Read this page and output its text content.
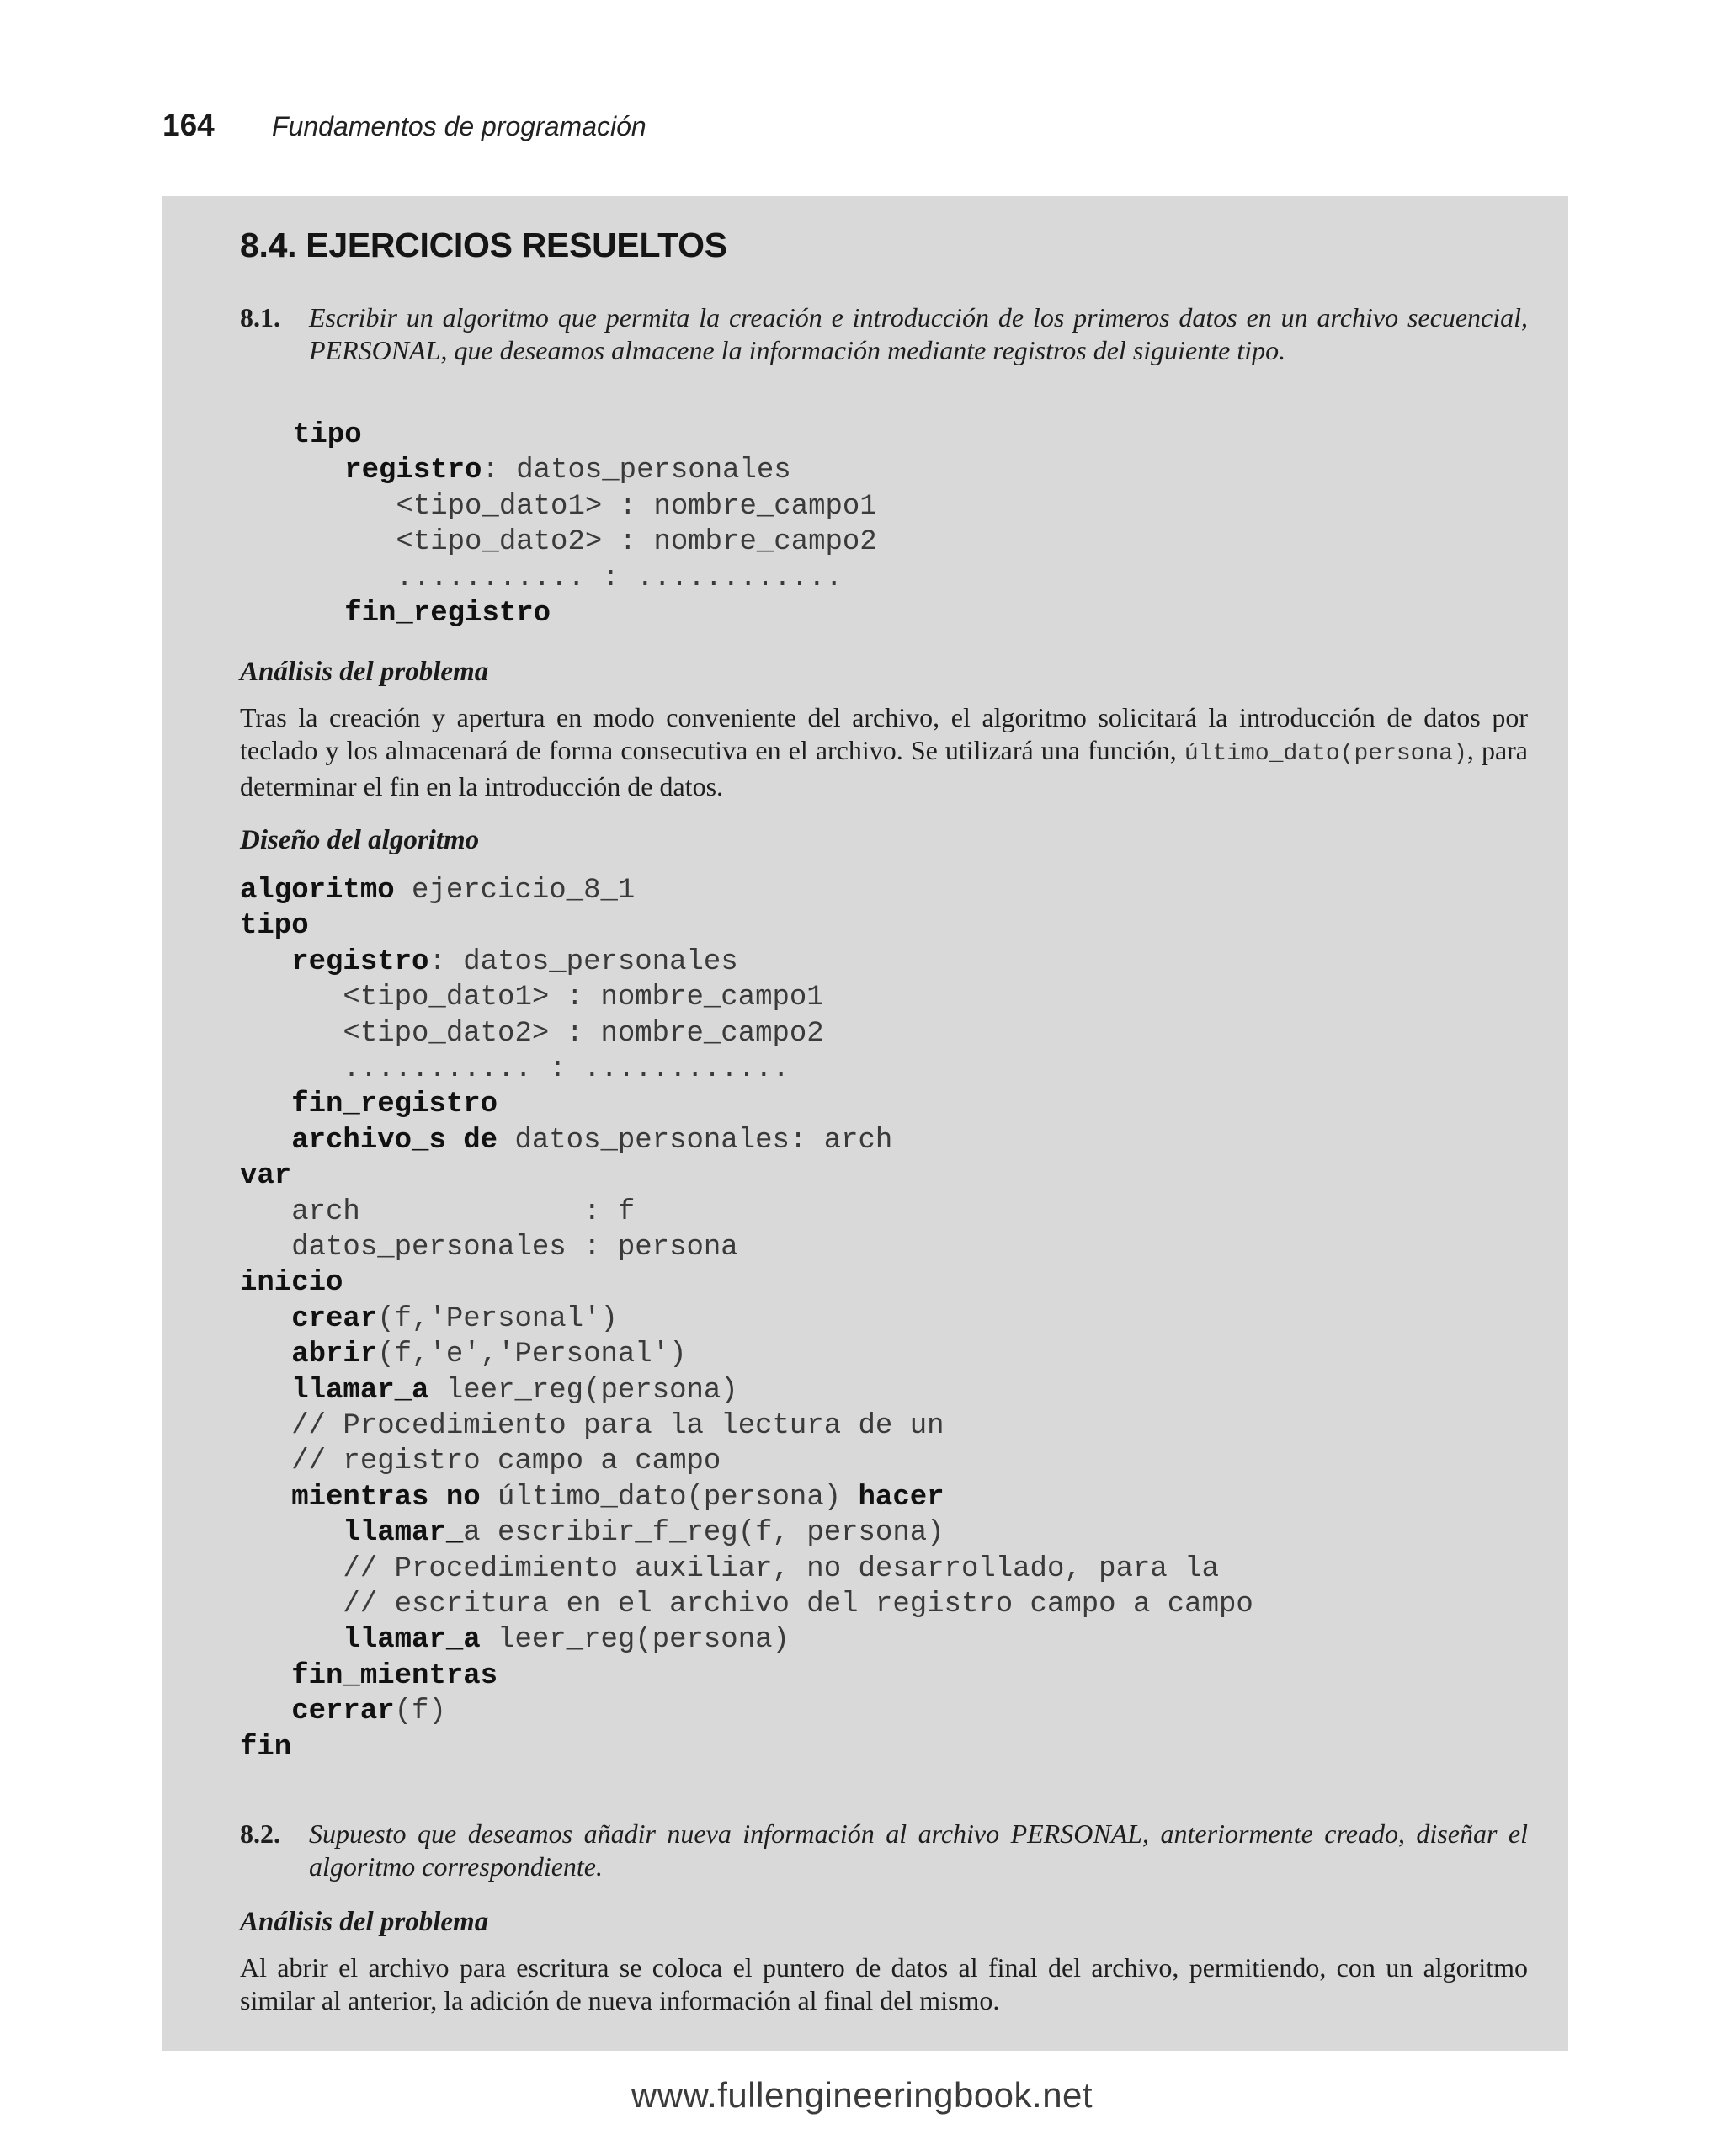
164	Fundamentos de programación
8.4. EJERCICIOS RESUELTOS
8.1.	Escribir un algoritmo que permita la creación e introducción de los primeros datos en un archivo secuencial, PERSONAL, que deseamos almacene la información mediante registros del siguiente tipo.
tipo
registro: datos_personales
<tipo_dato1> : nombre_campo1
<tipo_dato2> : nombre_campo2
........... : ............
fin_registro
Análisis del problema
Tras la creación y apertura en modo conveniente del archivo, el algoritmo solicitará la introducción de datos por teclado y los almacenará de forma consecutiva en el archivo. Se utilizará una función, último_dato(persona), para determinar el fin en la introducción de datos.
Diseño del algoritmo
algoritmo ejercicio_8_1
tipo
registro: datos_personales
<tipo_dato1> : nombre_campo1
<tipo_dato2> : nombre_campo2
........... : ............
fin_registro
archivo_s de datos_personales: arch
var
arch             : f
datos_personales : persona
inicio
crear(f,'Personal')
abrir(f,'e','Personal')
llamar_a leer_reg(persona)
// Procedimiento para la lectura de un
// registro campo a campo
mientras no último_dato(persona) hacer
llamar_a escribir_f_reg(f, persona)
// Procedimiento auxiliar, no desarrollado, para la
// escritura en el archivo del registro campo a campo
llamar_a leer_reg(persona)
fin_mientras
cerrar(f)
fin
8.2.	Supuesto que deseamos añadir nueva información al archivo PERSONAL, anteriormente creado, diseñar el algoritmo correspondiente.
Análisis del problema
Al abrir el archivo para escritura se coloca el puntero de datos al final del archivo, permitiendo, con un algoritmo similar al anterior, la adición de nueva información al final del mismo.
www.fullengineeringbook.net
